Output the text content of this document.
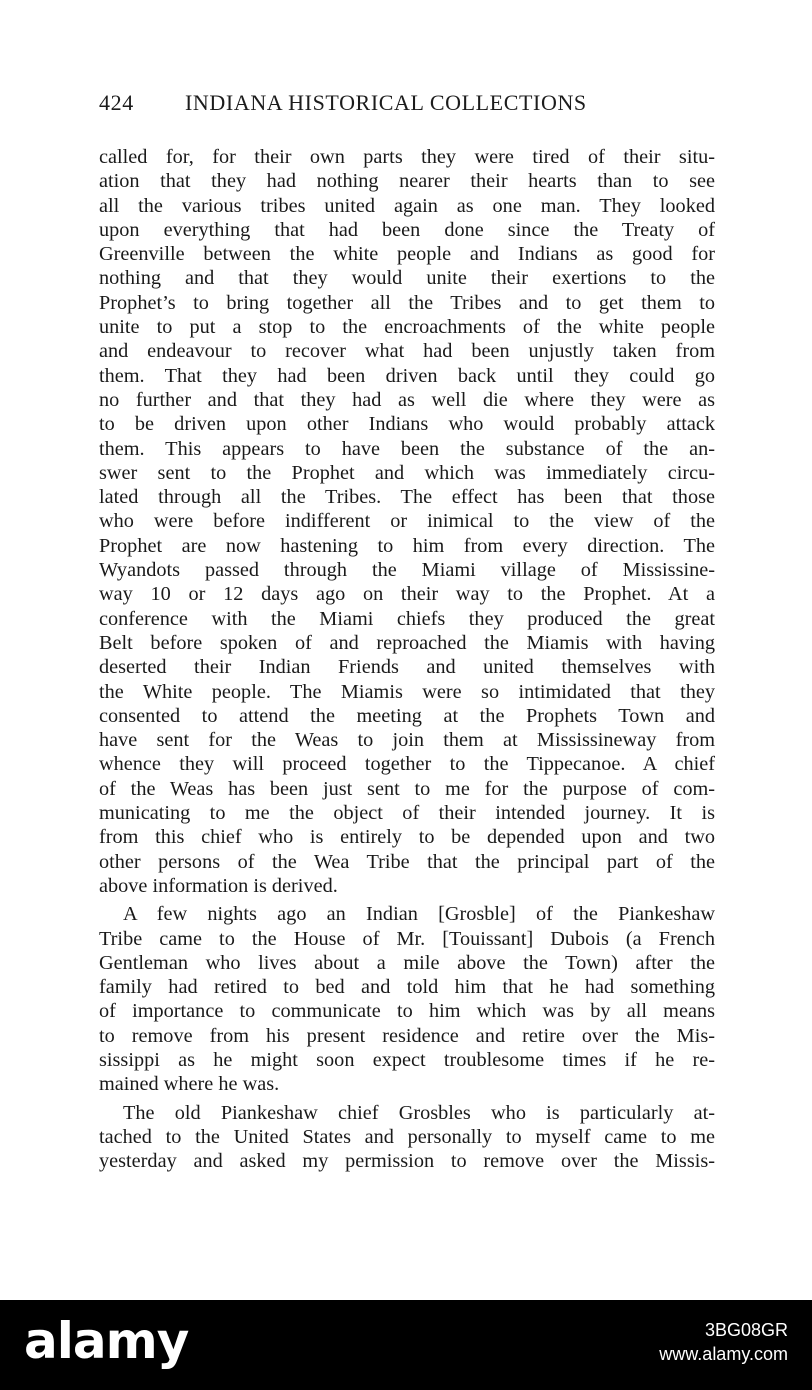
424 INDIANA HISTORICAL COLLECTIONS
called for, for their own parts they were tired of their situ-
ation that they had nothing nearer their hearts than to see
all the various tribes united again as one man. They looked
upon everything that had been done since the Treaty of
Greenville between the white people and Indians as good for
nothing and that they would unite their exertions to the
Prophet’s to bring together all the Tribes and to get them to
unite to put a stop to the encroachments of the white people
and endeavour to recover what had been unjustly taken from
them. That they had been driven back until they could go
no further and that they had as well die where they were as
to be driven upon other Indians who would probably attack
them. This appears to have been the substance of the an-
swer sent to the Prophet and which was immediately circu-
lated through all the Tribes. The effect has been that those
who were before indifferent or inimical to the view of the
Prophet are now hastening to him from every direction. The
Wyandots passed through the Miami village of Mississine-
way 10 or 12 days ago on their way to the Prophet. At a
conference with the Miami chiefs they produced the great
Belt before spoken of and reproached the Miamis with having
deserted their Indian Friends and united themselves with
the White people. The Miamis were so intimidated that they
consented to attend the meeting at the Prophets Town and
have sent for the Weas to join them at Mississineway from
whence they will proceed together to the Tippecanoe. A chief
of the Weas has been just sent to me for the purpose of com-
municating to me the object of their intended journey. It is
from this chief who is entirely to be depended upon and two
other persons of the Wea Tribe that the principal part of the
above information is derived.
A few nights ago an Indian [Grosble] of the Piankeshaw
Tribe came to the House of Mr. [Touissant] Dubois (a French
Gentleman who lives about a mile above the Town) after the
family had retired to bed and told him that he had something
of importance to communicate to him which was by all means
to remove from his present residence and retire over the Mis-
sissippi as he might soon expect troublesome times if he re-
mained where he was.
The old Piankeshaw chief Grosbles who is particularly at-
tached to the United States and personally to myself came to me
yesterday and asked my permission to remove over the Missis-
alamy	3BG08GR
www.alamy.com
